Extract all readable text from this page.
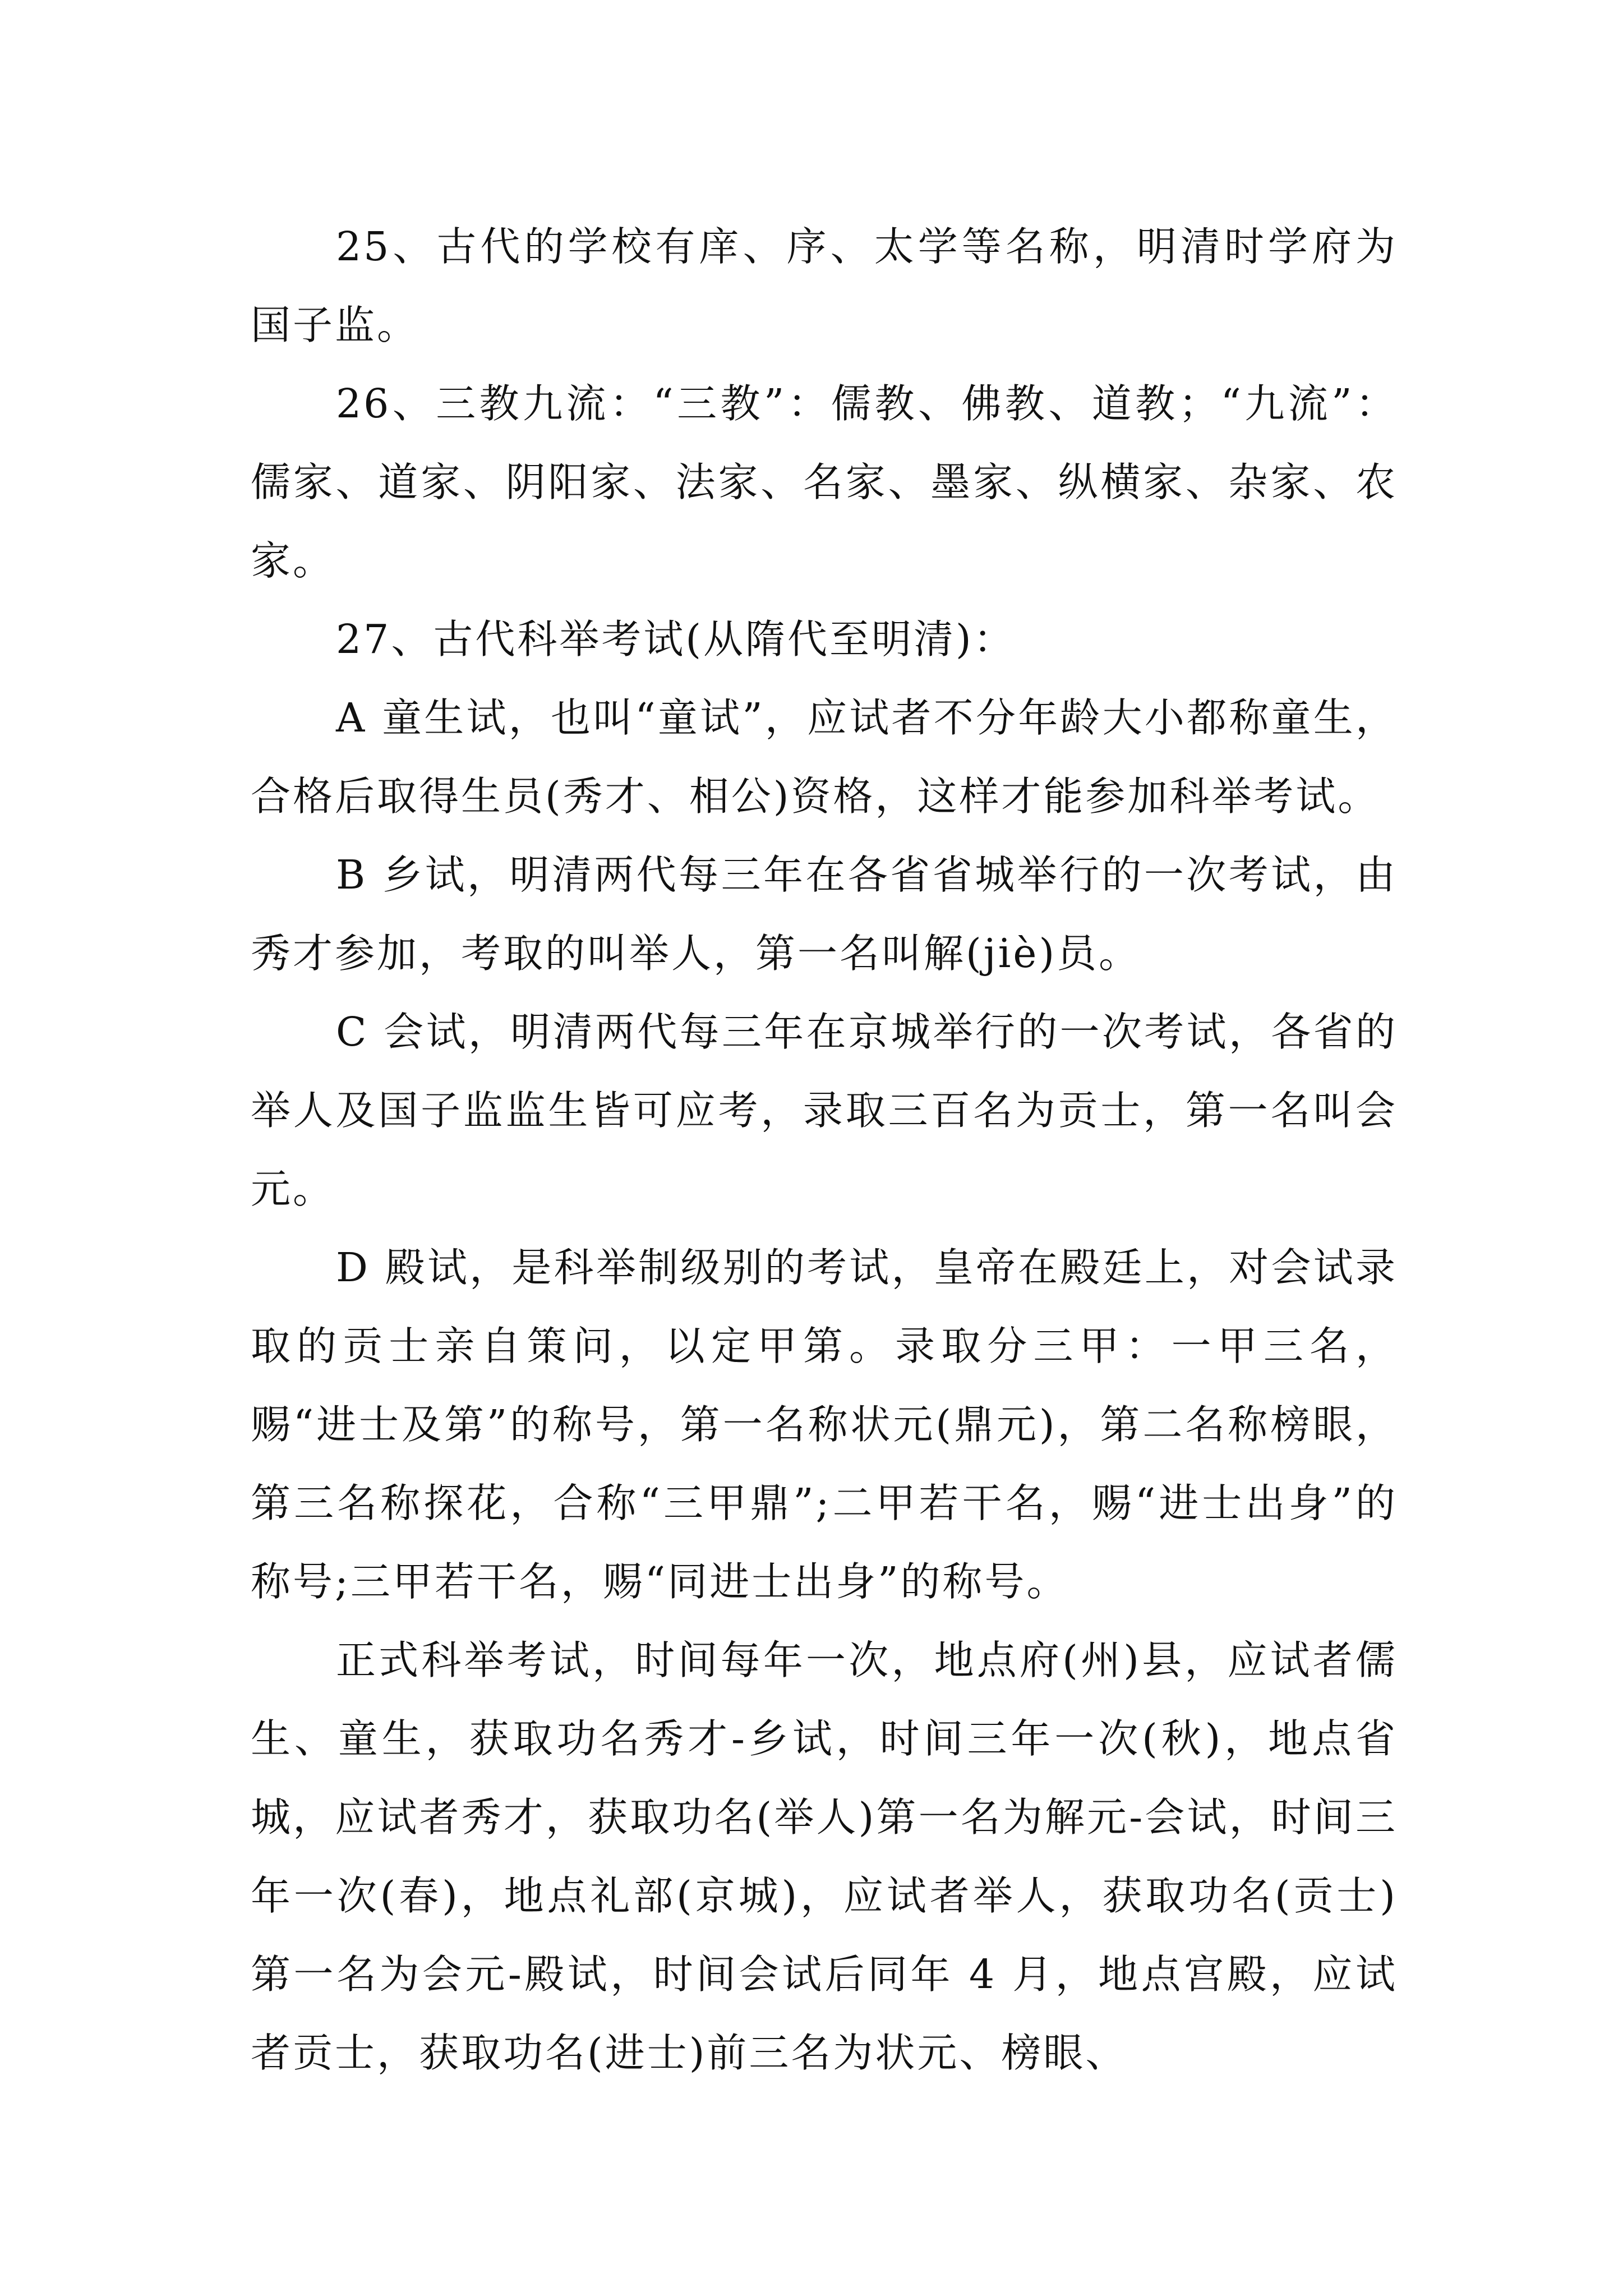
25、古代的学校有庠、序、太学等名称，明清时学府为国子监。

26、三教九流：“三教”：儒教、佛教、道教；“九流”：儒家、道家、阴阳家、法家、名家、墨家、纵横家、杂家、农家。

27、古代科举考试(从隋代至明清)：

A 童生试，也叫“童试”，应试者不分年龄大小都称童生，合格后取得生员(秀才、相公)资格，这样才能参加科举考试。

B 乡试，明清两代每三年在各省省城举行的一次考试，由秀才参加，考取的叫举人，第一名叫解(jiè)员。

C 会试，明清两代每三年在京城举行的一次考试，各省的举人及国子监监生皆可应考，录取三百名为贡士，第一名叫会元。

D 殿试，是科举制级别的考试，皇帝在殿廷上，对会试录取的贡士亲自策问，以定甲第。录取分三甲：一甲三名，赐“进士及第”的称号，第一名称状元(鼎元)，第二名称榜眼，第三名称探花，合称“三甲鼎”;二甲若干名，赐“进士出身”的称号;三甲若干名，赐“同进士出身”的称号。

正式科举考试，时间每年一次，地点府(州)县，应试者儒生、童生，获取功名秀才-乡试，时间三年一次(秋)，地点省城，应试者秀才，获取功名(举人)第一名为解元-会试，时间三年一次(春)，地点礼部(京城)，应试者举人，获取功名(贡士)第一名为会元-殿试，时间会试后同年 4 月，地点宫殿，应试者贡士，获取功名(进士)前三名为状元、榜眼、
